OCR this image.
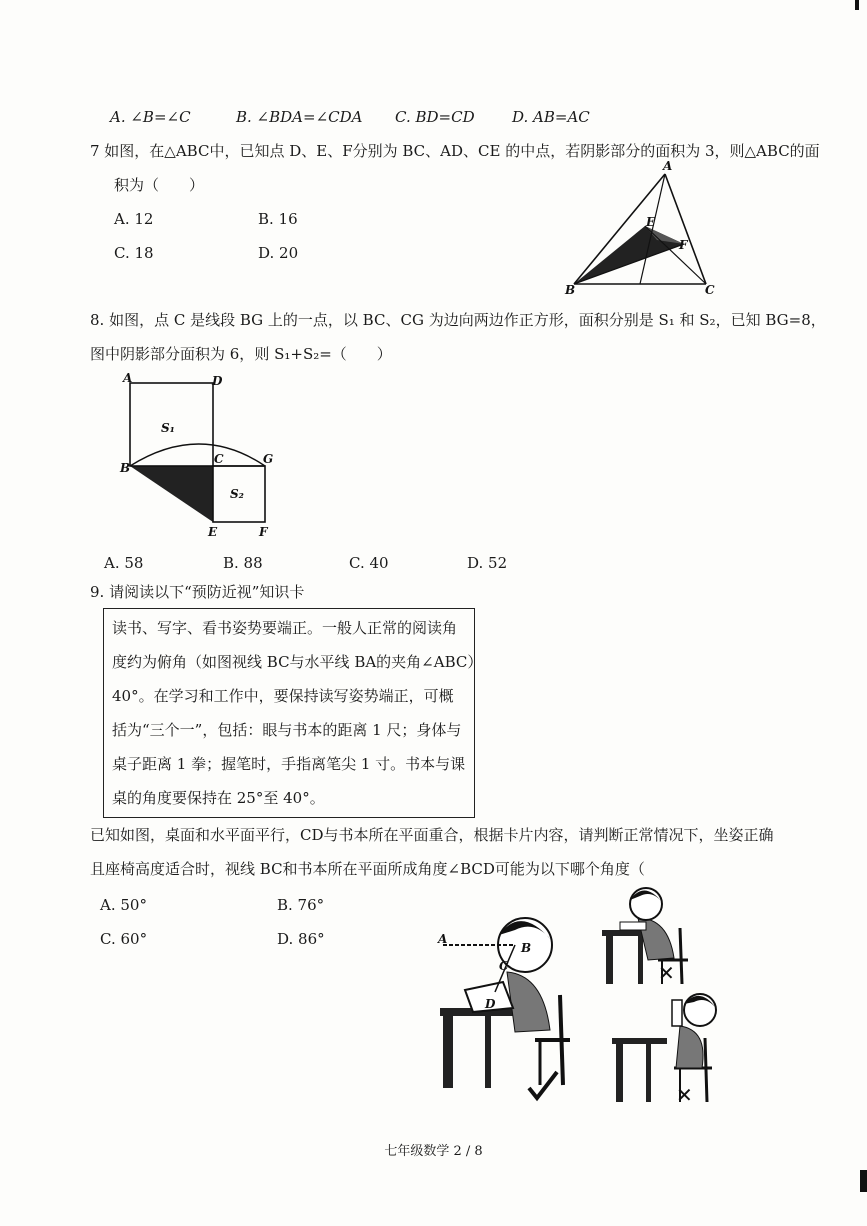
A. ∠B=∠C	B. ∠BDA=∠CDA C. BD=CD D. AB=AC
7 如图，在△ABC中，已知点 D、E、F分别为 BC、AD、CE 的中点，若阴影部分的面积为 3，则△ABC的面
积为（　　）
A. 12	B. 16
C. 18	D. 20
A
E
F
B	C
8. 如图，点 C 是线段 BG 上的一点，以 BC、CG 为边向两边作正方形，面积分别是 S₁ 和 S₂，已知 BG=8，
图中阴影部分面积为 6，则 S₁+S₂=（　　）
A	D
S₁
B
C	G
S₂
E	F
A. 58	B. 88	C. 40	D. 52
9. 请阅读以下“预防近视”知识卡
读书、写字、看书姿势要端正。一般人正常的阅读角
度约为俯角（如图视线 BC与水平线 BA的夹角∠ABC）
40°。在学习和工作中，要保持读写姿势端正，可概
括为“三个一”，包括：眼与书本的距离 1 尺；身体与
桌子距离 1 拳；握笔时，手指离笔尖 1 寸。书本与课
桌的角度要保持在 25°至 40°。
已知如图，桌面和水平面平行，CD与书本所在平面重合，根据卡片内容，请判断正常情况下，坐姿正确
且座椅高度适合时，视线 BC和书本所在平面所成角度∠BCD可能为以下哪个角度（
A. 50°	B. 76°
C. 60°	D. 86°	A
B
C
D
✕
✕
七年级数学 2 / 8
